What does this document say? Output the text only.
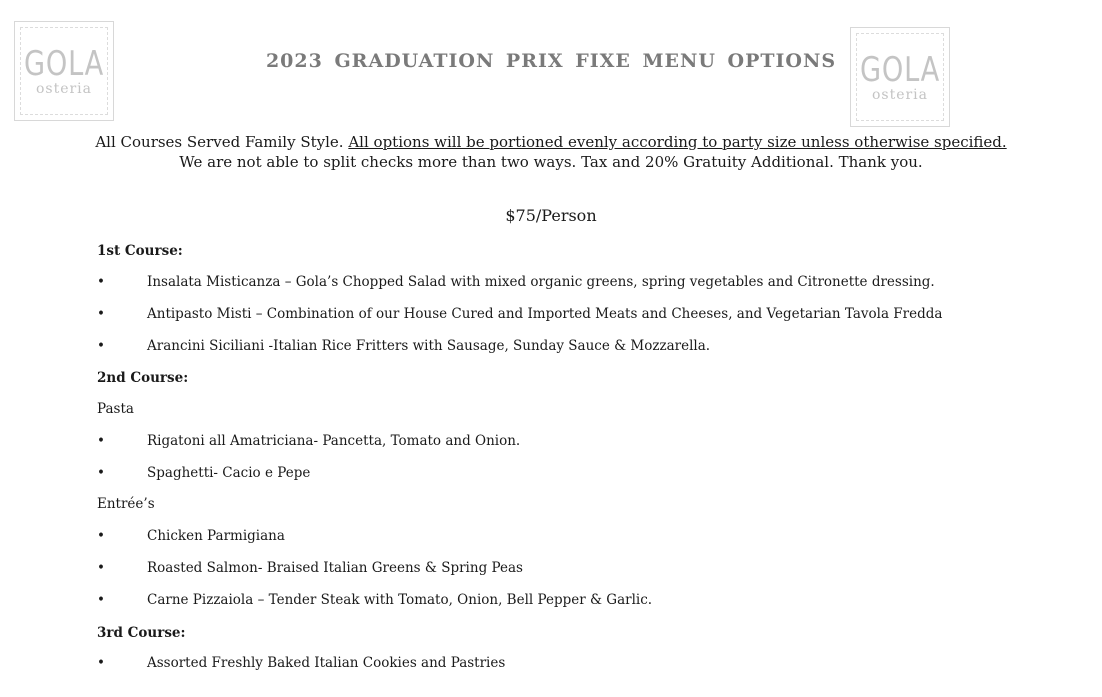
GOLA
osteria	GOLA
osteria
2023 GRADUATION PRIX FIXE MENU OPTIONS
All Courses Served Family Style. All options will be portioned evenly according to party size unless otherwise specified.
We are not able to split checks more than two ways. Tax and 20% Gratuity Additional. Thank you.
$75/Person
1st Course:
•	Insalata Misticanza – Gola’s Chopped Salad with mixed organic greens, spring vegetables and Citronette dressing.
•	Antipasto Misti – Combination of our House Cured and Imported Meats and Cheeses, and Vegetarian Tavola Fredda
•	Arancini Siciliani -Italian Rice Fritters with Sausage, Sunday Sauce & Mozzarella.
2nd Course:
Pasta
•	Rigatoni all Amatriciana- Pancetta, Tomato and Onion.
•	Spaghetti- Cacio e Pepe
Entrée’s
•	Chicken Parmigiana
•	Roasted Salmon- Braised Italian Greens & Spring Peas
•	Carne Pizzaiola – Tender Steak with Tomato, Onion, Bell Pepper & Garlic.
3rd Course:
•	Assorted Freshly Baked Italian Cookies and Pastries
